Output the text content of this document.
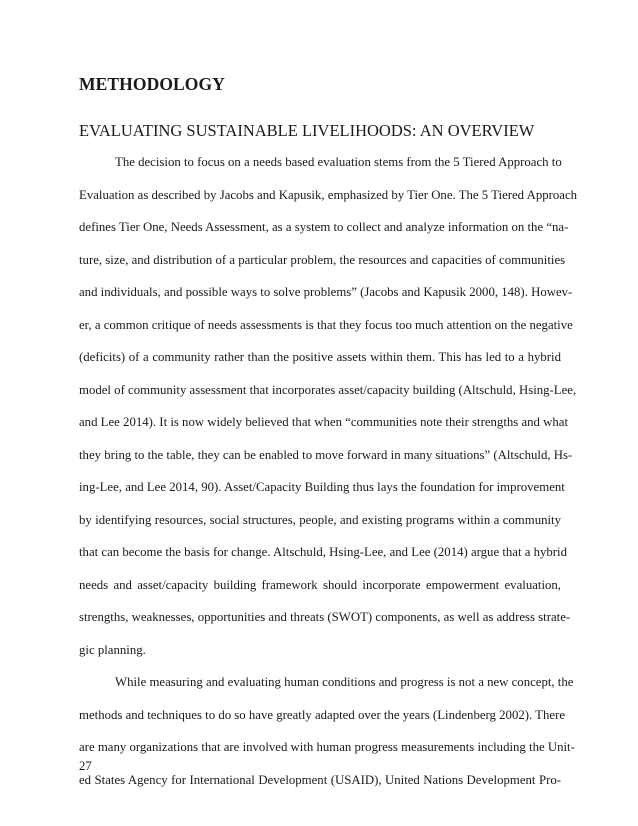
METHODOLOGY
EVALUATING SUSTAINABLE LIVELIHOODS: AN OVERVIEW
The decision to focus on a needs based evaluation stems from the 5 Tiered Approach to
Evaluation as described by Jacobs and Kapusik, emphasized by Tier One. The 5 Tiered Approach
defines Tier One, Needs Assessment, as a system to collect and analyze information on the “na-
ture, size, and distribution of a particular problem, the resources and capacities of communities
and individuals, and possible ways to solve problems” (Jacobs and Kapusik 2000, 148). Howev-
er, a common critique of needs assessments is that they focus too much attention on the negative
(deficits) of a community rather than the positive assets within them. This has led to a hybrid
model of community assessment that incorporates asset/capacity building (Altschuld, Hsing-Lee,
and Lee 2014). It is now widely believed that when “communities note their strengths and what
they bring to the table, they can be enabled to move forward in many situations” (Altschuld, Hs-
ing-Lee, and Lee 2014, 90). Asset/Capacity Building thus lays the foundation for improvement
by identifying resources, social structures, people, and existing programs within a community
that can become the basis for change. Altschuld, Hsing-Lee, and Lee (2014) argue that a hybrid
needs and asset/capacity building framework should incorporate empowerment evaluation,
strengths, weaknesses, opportunities and threats (SWOT) components, as well as address strate-
gic planning.
While measuring and evaluating human conditions and progress is not a new concept, the
methods and techniques to do so have greatly adapted over the years (Lindenberg 2002). There
are many organizations that are involved with human progress measurements including the Unit-
ed States Agency for International Development (USAID), United Nations Development Pro-
27
